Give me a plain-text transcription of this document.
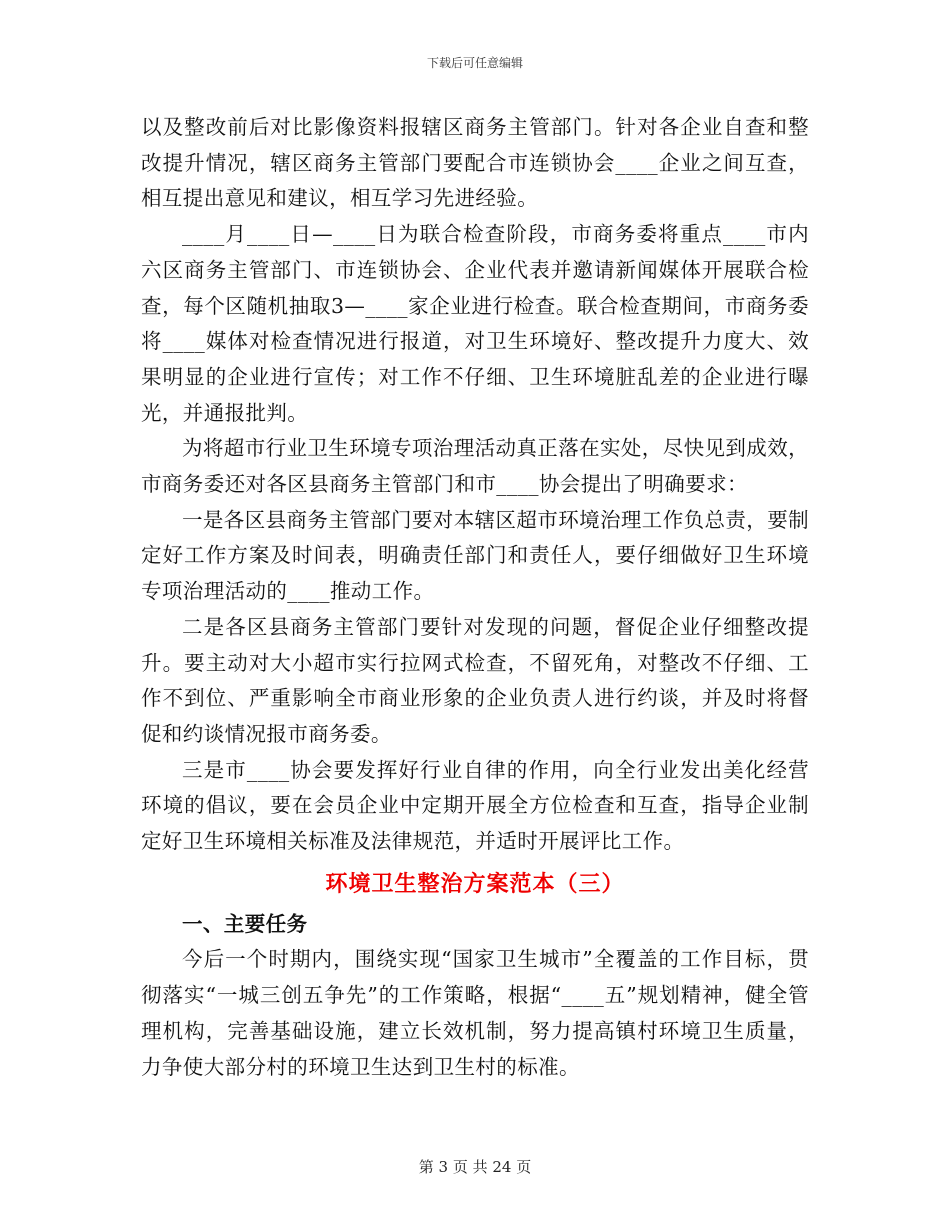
下载后可任意编辑

以及整改前后对比影像资料报辖区商务主管部门。针对各企业自查和整改提升情况，辖区商务主管部门要配合市连锁协会____企业之间互查，相互提出意见和建议，相互学习先进经验。

____月____日—____日为联合检查阶段，市商务委将重点____市内六区商务主管部门、市连锁协会、企业代表并邀请新闻媒体开展联合检查，每个区随机抽取3—____家企业进行检查。联合检查期间，市商务委将____媒体对检查情况进行报道，对卫生环境好、整改提升力度大、效果明显的企业进行宣传；对工作不仔细、卫生环境脏乱差的企业进行曝光，并通报批判。

为将超市行业卫生环境专项治理活动真正落在实处，尽快见到成效，市商务委还对各区县商务主管部门和市____协会提出了明确要求：

一是各区县商务主管部门要对本辖区超市环境治理工作负总责，要制定好工作方案及时间表，明确责任部门和责任人，要仔细做好卫生环境专项治理活动的____推动工作。

二是各区县商务主管部门要针对发现的问题，督促企业仔细整改提升。要主动对大小超市实行拉网式检查，不留死角，对整改不仔细、工作不到位、严重影响全市商业形象的企业负责人进行约谈，并及时将督促和约谈情况报市商务委。

三是市____协会要发挥好行业自律的作用，向全行业发出美化经营环境的倡议，要在会员企业中定期开展全方位检查和互查，指导企业制定好卫生环境相关标准及法律规范，并适时开展评比工作。

环境卫生整治方案范本（三）

一、主要任务

今后一个时期内，围绕实现“国家卫生城市”全覆盖的工作目标，贯彻落实“一城三创五争先”的工作策略，根据“____五”规划精神，健全管理机构，完善基础设施，建立长效机制，努力提高镇村环境卫生质量，力争使大部分村的环境卫生达到卫生村的标准。

第 3 页 共 24 页
